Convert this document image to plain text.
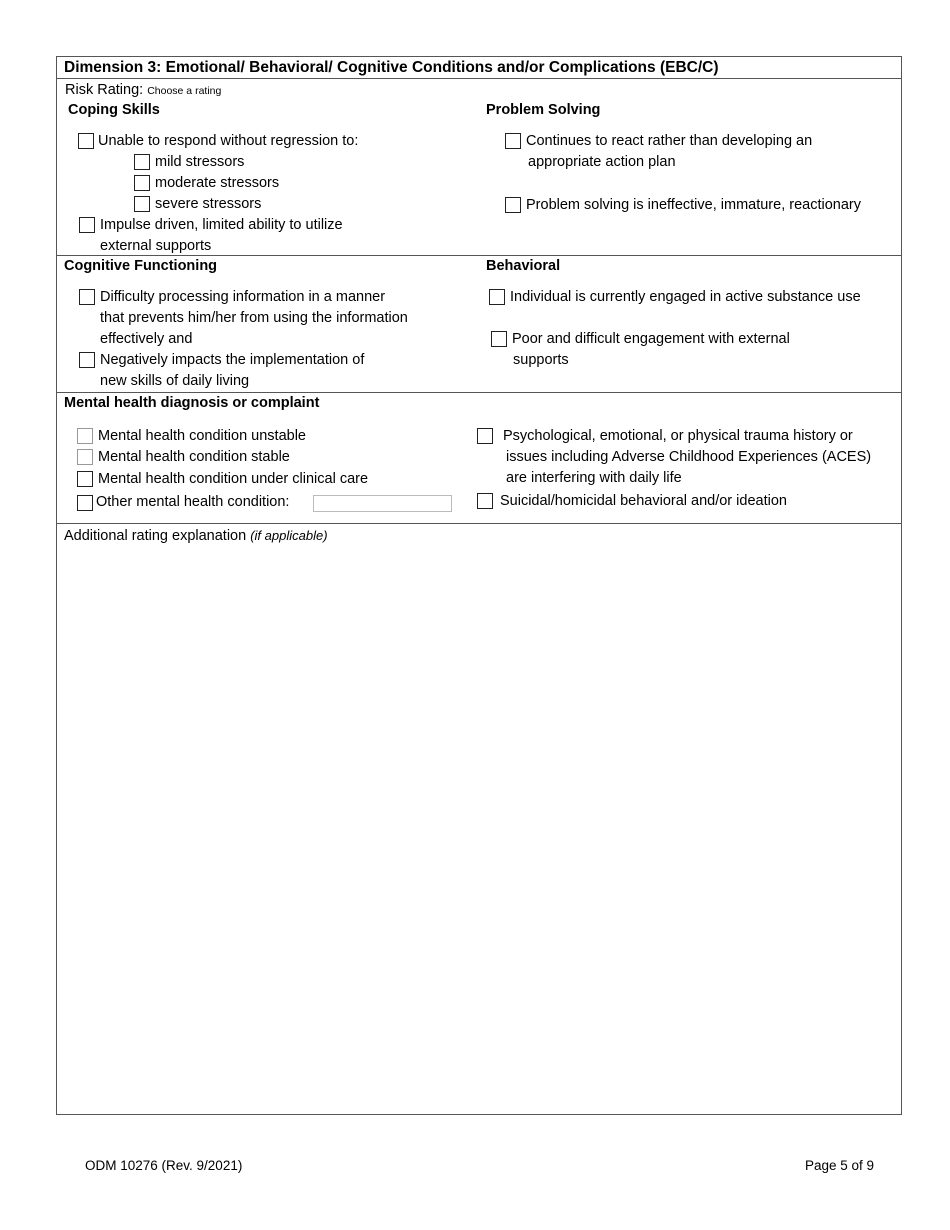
Dimension 3: Emotional/ Behavioral/ Cognitive Conditions and/or Complications (EBC/C)
Risk Rating: Choose a rating
Coping Skills	Problem Solving
Unable to respond without regression to:
mild stressors
moderate stressors
severe stressors
Impulse driven, limited ability to utilize
external supports
Continues to react rather than developing an
appropriate action plan
Problem solving is ineffective, immature, reactionary
Cognitive Functioning	Behavioral
Difficulty processing information in a manner
that prevents him/her from using the information
effectively and
Negatively impacts the implementation of
new skills of daily living
Individual is currently engaged in active substance use
Poor and difficult engagement with external
supports
Mental health diagnosis or complaint
Mental health condition unstable
Mental health condition stable
Mental health condition under clinical care
Other mental health condition:
Psychological, emotional, or physical trauma history or
issues including Adverse Childhood Experiences (ACES)
are interfering with daily life
Suicidal/homicidal behavioral and/or ideation
Additional rating explanation (if applicable)
ODM 10276 (Rev. 9/2021)	Page 5 of 9
